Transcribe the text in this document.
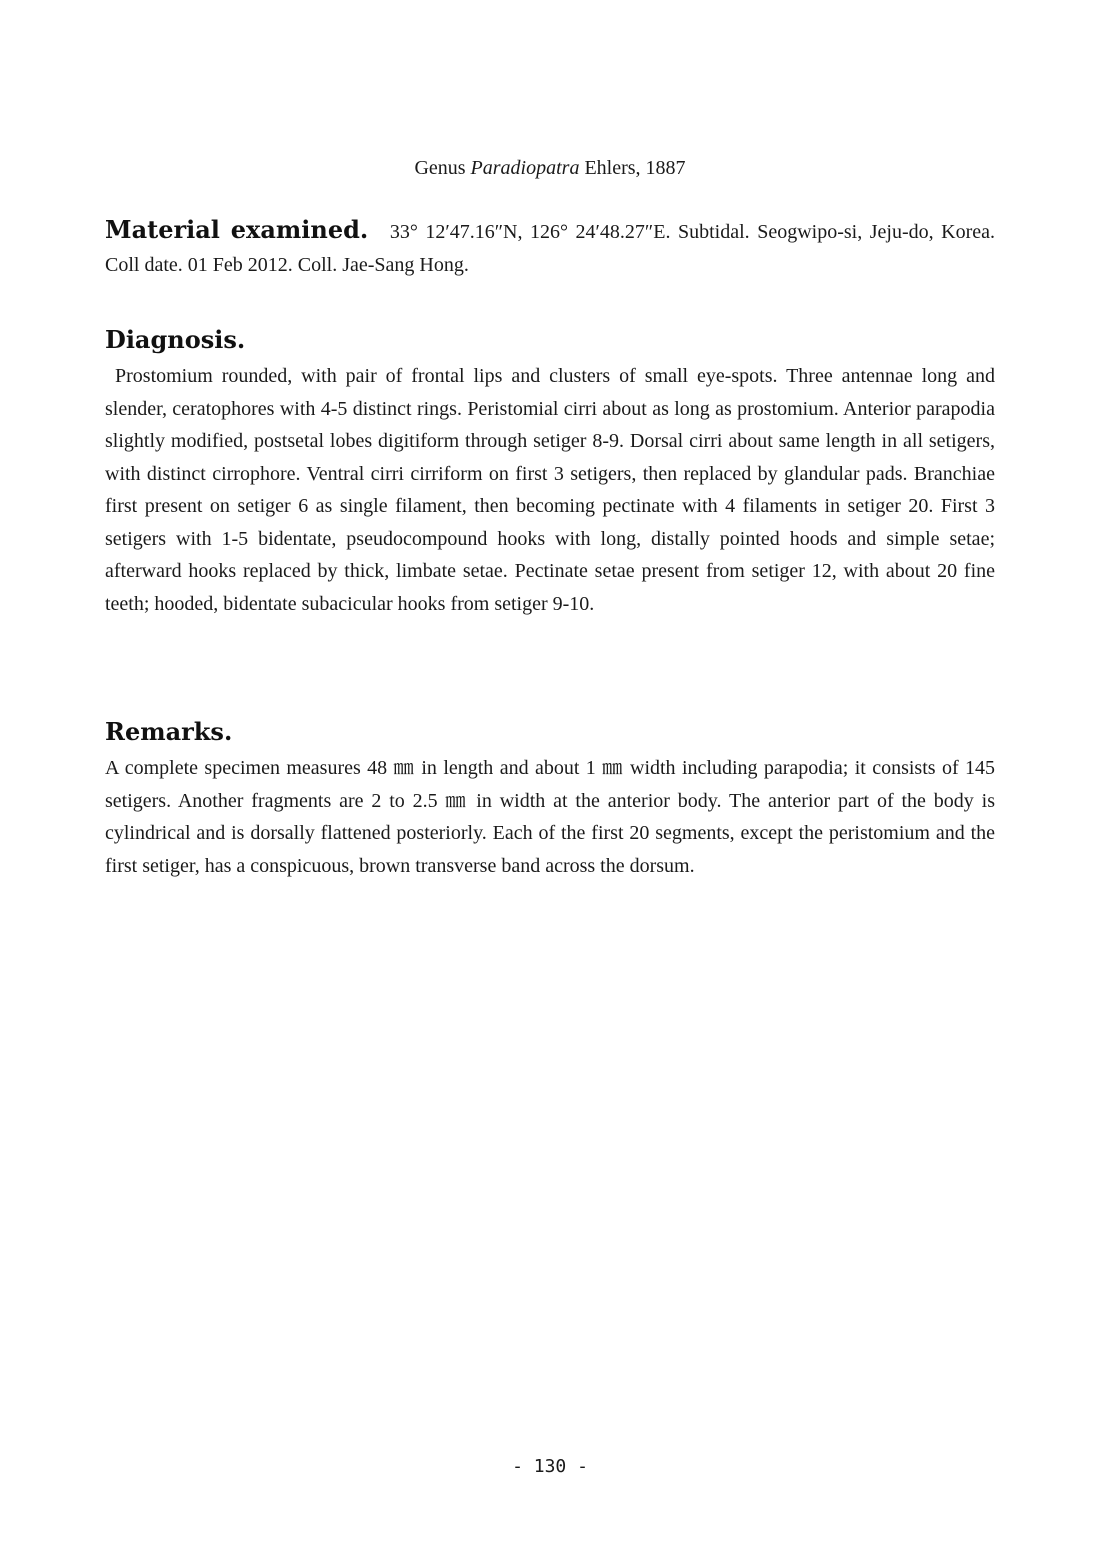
Genus Paradiopatra Ehlers, 1887
Material examined. 33° 12′47.16″N, 126° 24′48.27″E. Subtidal. Seogwipo-si, Jeju-do, Korea. Coll date. 01 Feb 2012. Coll. Jae-Sang Hong.
Diagnosis.
Prostomium rounded, with pair of frontal lips and clusters of small eye-spots. Three antennae long and slender, ceratophores with 4-5 distinct rings. Peristomial cirri about as long as prostomium. Anterior parapodia slightly modified, postsetal lobes digitiform through setiger 8-9. Dorsal cirri about same length in all setigers, with distinct cirrophore. Ventral cirri cirriform on first 3 setigers, then replaced by glandular pads. Branchiae first present on setiger 6 as single filament, then becoming pectinate with 4 filaments in setiger 20. First 3 setigers with 1-5 bidentate, pseudocompound hooks with long, distally pointed hoods and simple setae; afterward hooks replaced by thick, limbate setae. Pectinate setae present from setiger 12, with about 20 fine teeth; hooded, bidentate subacicular hooks from setiger 9-10.
Remarks.
A complete specimen measures 48 ㎜ in length and about 1 ㎜ width including parapodia; it consists of 145 setigers. Another fragments are 2 to 2.5 ㎜ in width at the anterior body. The anterior part of the body is cylindrical and is dorsally flattened posteriorly. Each of the first 20 segments, except the peristomium and the first setiger, has a conspicuous, brown transverse band across the dorsum.
- 130 -
